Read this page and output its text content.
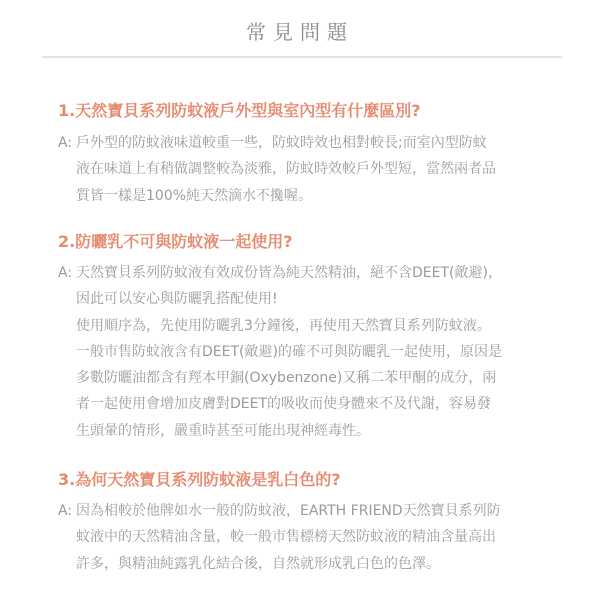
常見問題
1.天然寶貝系列防蚊液戶外型與室內型有什麼區別?
A: 戶外型的防蚊液味道較重一些，防蚊時效也相對較長;而室內型防蚊
液在味道上有稍做調整較為淡雅，防蚊時效較戶外型短，當然兩者品
質皆一樣是100%純天然滴水不攙喔。
2.防曬乳不可與防蚊液一起使用?
A: 天然寶貝系列防蚊液有效成份皆為純天然精油，絕不含DEET(敵避)，
因此可以安心與防曬乳搭配使用!
使用順序為，先使用防曬乳3分鐘後，再使用天然寶貝系列防蚊液。
一般市售防蚊液含有DEET(敵避)的確不可與防曬乳一起使用，原因是
多數防曬油都含有羥本甲銅(Oxybenzone)又稱二苯甲酮的成分，兩
者一起使用會增加皮膚對DEET的吸收而使身體來不及代謝，容易發
生頭暈的情形，嚴重時甚至可能出現神經毒性。
3.為何天然寶貝系列防蚊液是乳白色的?
A: 因為相較於他牌如水一般的防蚊液，EARTH FRIEND天然寶貝系列防
蚊液中的天然精油含量，較一般市售標榜天然防蚊液的精油含量高出
許多，與精油純露乳化結合後，自然就形成乳白色的色澤。
